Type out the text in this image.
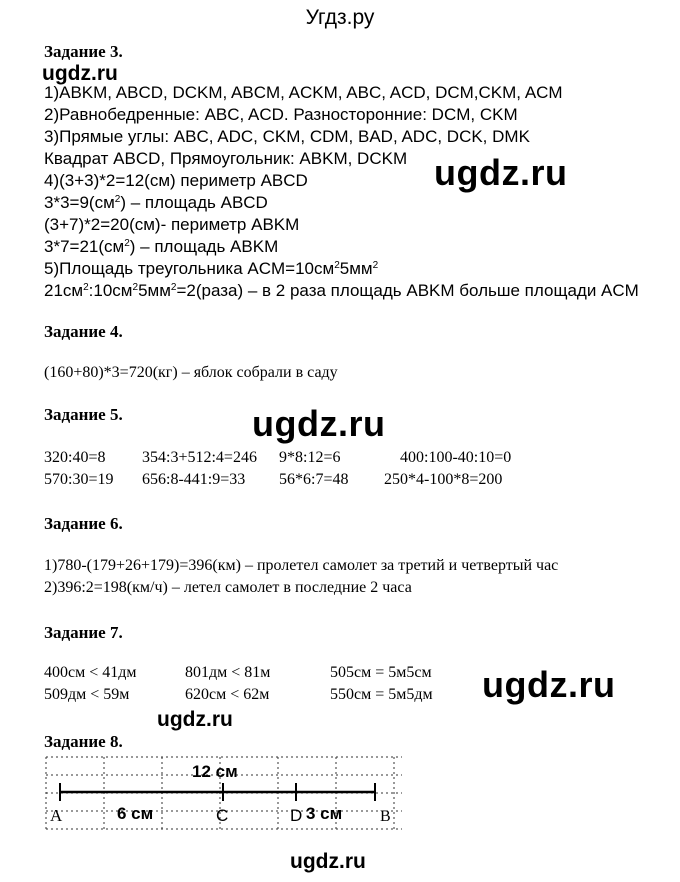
Угдз.ру
ugdz.ru
ugdz.ru
ugdz.ru
ugdz.ru
ugdz.ru
ugdz.ru
Задание 3.
1)ABKM, ABCD, DCKM, ABCM, ACKM, ABC, ACD, DCM,CKM, ACM
2)Равнобедренные: ABC, ACD. Разносторонние: DCM, CKM
3)Прямые углы: ABC, ADC, CKM, CDM, BAD, ADC, DCK, DMK
Квадрат ABCD, Прямоугольник: ABKM, DCKM
4)(3+3)*2=12(см) периметр ABCD
$3*3=9(см^2)$ – площадь ABCD
(3+7)*2=20(см)- периметр ABKM
$3*7=21(см^2)$ – площадь ABKM
5)Площадь треугольника $ACM=10см^25мм^2$
$21см^2:10см^25мм^2=2(раза) - в$ 2 раза площадь ABKM больше площади ACM
Задание 4.
(160+80)*3=720(кг) – яблок собрали в саду
Задание 5.
320:40=8 354:3+512:4=246 9*8:12=6	400:100-40:10=0
570:30=19 656:8-441:9=33 56*6:7=48 250*4-100*8=200
Задание 6.
1)780-(179+26+179)=396(км) – пролетел самолет за третий и четвертый час
2)396:2=198(км/ч) – летел самолет в последние 2 часа
Задание 7.
400см < 41дм	801дм < 81м	505см = 5м5см
509дм < 59м	620см < 62м	550см = 5м5дм
Задание 8.
12 см
A	6 см	C	D 3 см B
